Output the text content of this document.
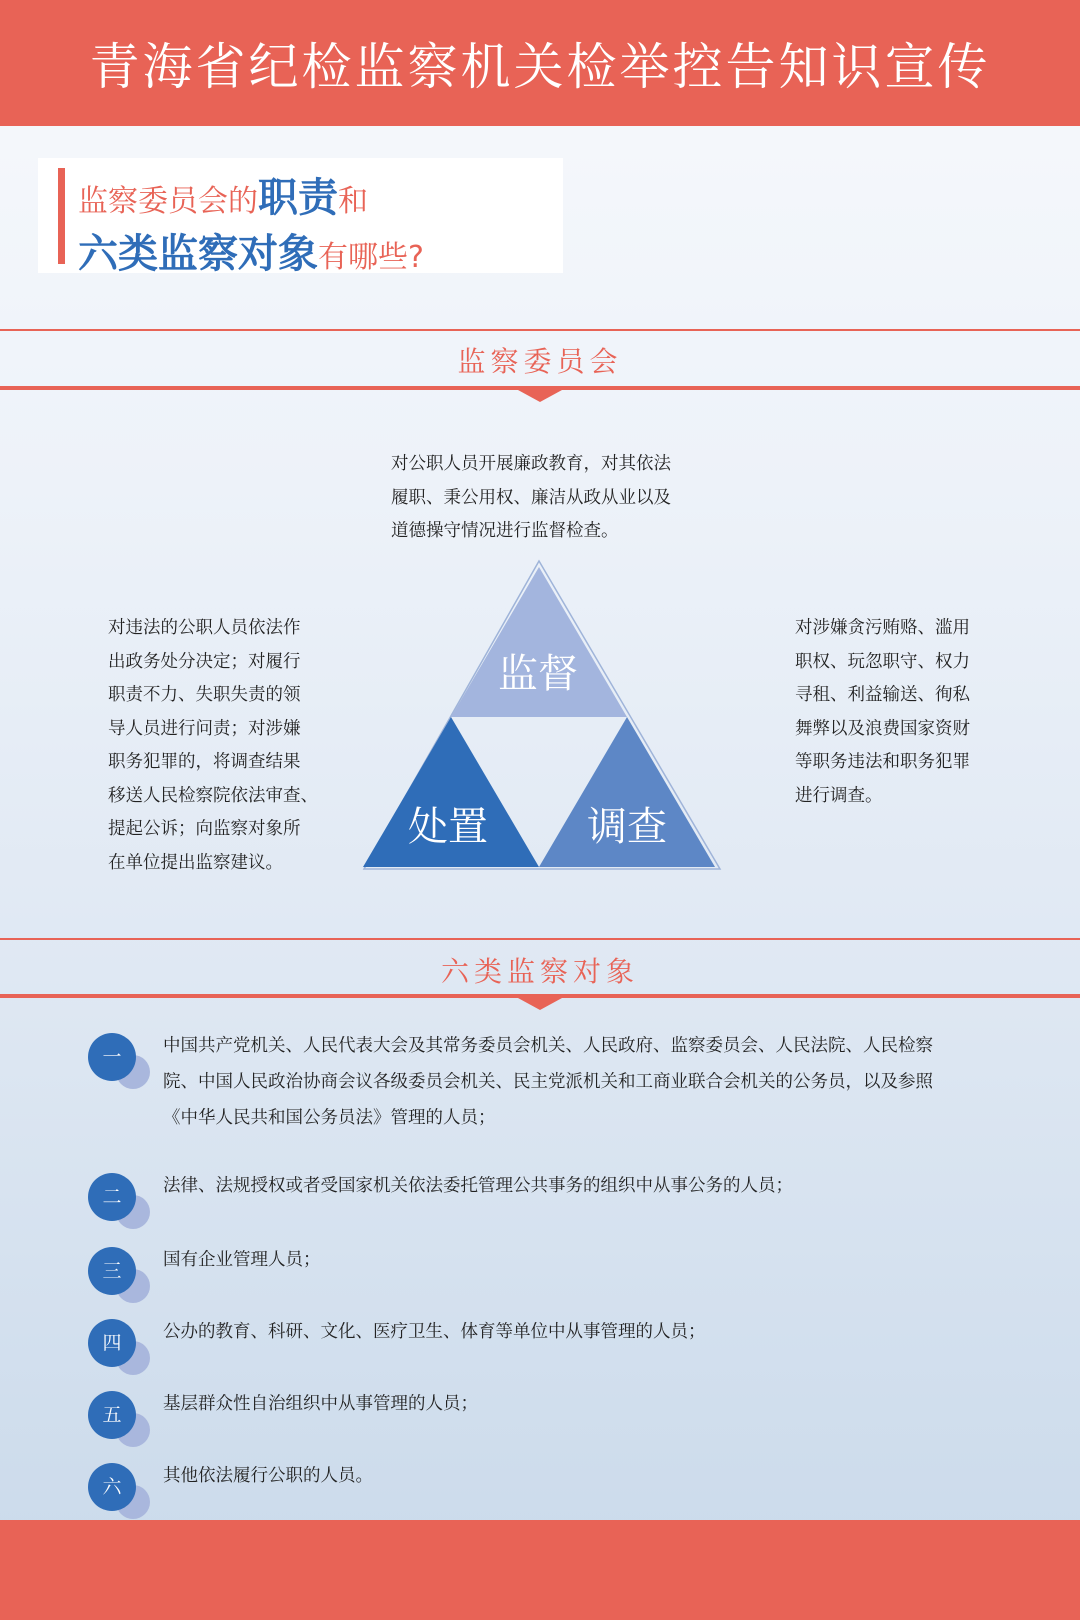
青海省纪检监察机关检举控告知识宣传
监察委员会的职责和
六类监察对象有哪些?
监察委员会
对公职人员开展廉政教育，对其依法
履职、秉公用权、廉洁从政从业以及
道德操守情况进行监督检查。
对违法的公职人员依法作
出政务处分决定；对履行
职责不力、失职失责的领
导人员进行问责；对涉嫌
职务犯罪的，将调查结果
移送人民检察院依法审查、
提起公诉；向监察对象所
在单位提出监察建议。
对涉嫌贪污贿赂、滥用
职权、玩忽职守、权力
寻租、利益输送、徇私
舞弊以及浪费国家资财
等职务违法和职务犯罪
进行调查。
监督
处置	调查
六类监察对象
一	中国共产党机关、人民代表大会及其常务委员会机关、人民政府、监察委员会、人民法院、人民检察
院、中国人民政治协商会议各级委员会机关、民主党派机关和工商业联合会机关的公务员，以及参照
《中华人民共和国公务员法》管理的人员；
二	法律、法规授权或者受国家机关依法委托管理公共事务的组织中从事公务的人员；
三	国有企业管理人员；
四	公办的教育、科研、文化、医疗卫生、体育等单位中从事管理的人员；
五	基层群众性自治组织中从事管理的人员；
六	其他依法履行公职的人员。
